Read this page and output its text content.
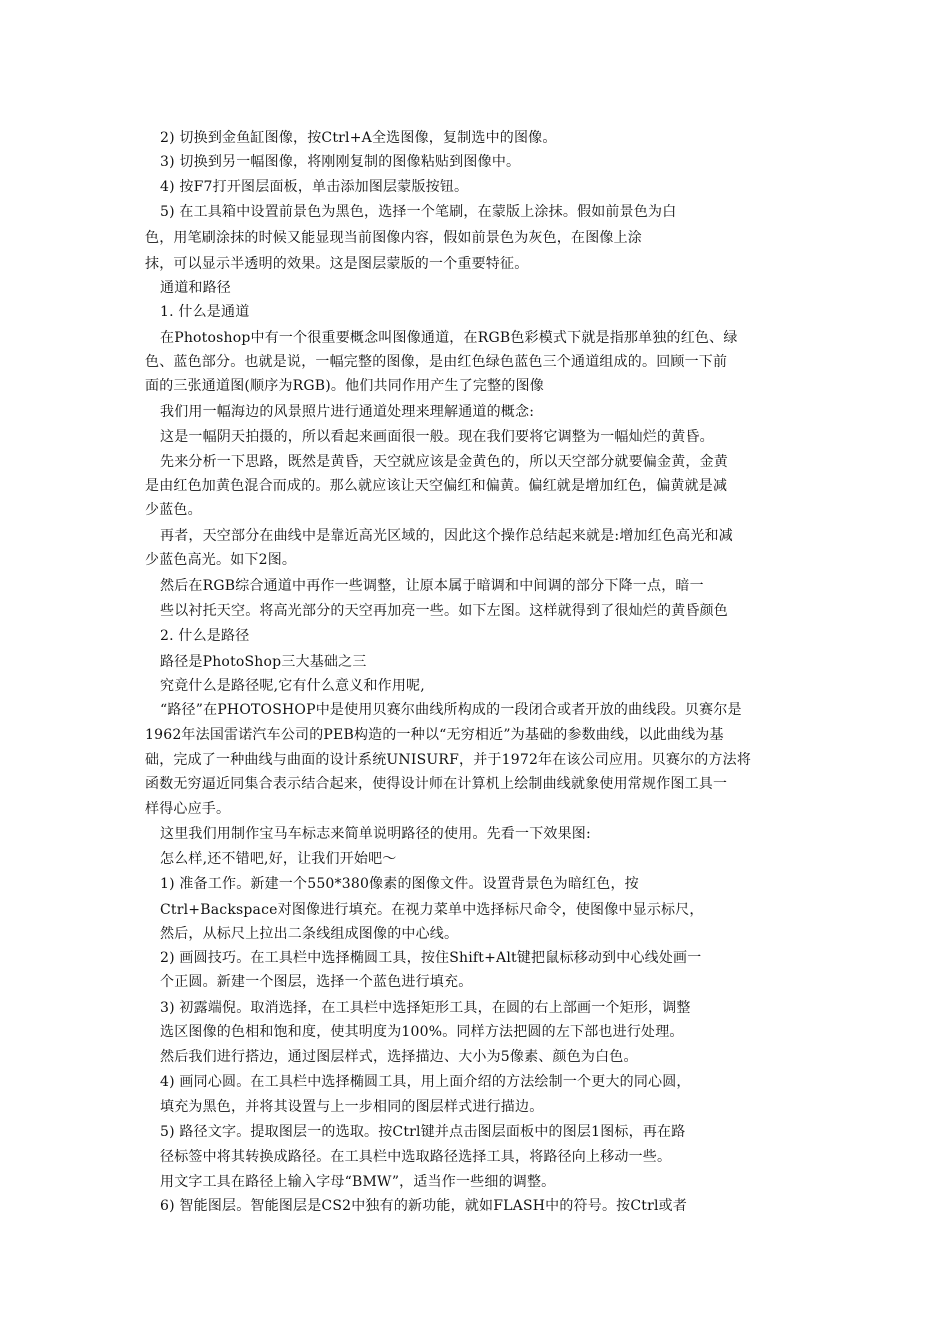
2) 切换到金鱼缸图像，按Ctrl+A全选图像，复制选中的图像。
3) 切换到另一幅图像，将刚刚复制的图像粘贴到图像中。
4) 按F7打开图层面板，单击添加图层蒙版按钮。
5) 在工具箱中设置前景色为黑色，选择一个笔刷，在蒙版上涂抹。假如前景色为白
色，用笔刷涂抹的时候又能显现当前图像内容，假如前景色为灰色，在图像上涂
抹，可以显示半透明的效果。这是图层蒙版的一个重要特征。
通道和路径
1. 什么是通道
在Photoshop中有一个很重要概念叫图像通道，在RGB色彩模式下就是指那单独的红色、绿
色、蓝色部分。也就是说，一幅完整的图像，是由红色绿色蓝色三个通道组成的。回顾一下前
面的三张通道图(顺序为RGB)。他们共同作用产生了完整的图像
我们用一幅海边的风景照片进行通道处理来理解通道的概念:
这是一幅阴天拍摄的，所以看起来画面很一般。现在我们要将它调整为一幅灿烂的黄昏。
先来分析一下思路，既然是黄昏，天空就应该是金黄色的，所以天空部分就要偏金黄，金黄
是由红色加黄色混合而成的。那么就应该让天空偏红和偏黄。偏红就是增加红色，偏黄就是减
少蓝色。
再者，天空部分在曲线中是靠近高光区域的，因此这个操作总结起来就是:增加红色高光和减
少蓝色高光。如下2图。
然后在RGB综合通道中再作一些调整，让原本属于暗调和中间调的部分下降一点，暗一
些以衬托天空。将高光部分的天空再加亮一些。如下左图。这样就得到了很灿烂的黄昏颜色
2. 什么是路径
路径是PhotoShop三大基础之三
究竟什么是路径呢,它有什么意义和作用呢,
“路径”在PHOTOSHOP中是使用贝赛尔曲线所构成的一段闭合或者开放的曲线段。贝赛尔是
1962年法国雷诺汽车公司的PEB构造的一种以“无穷相近”为基础的参数曲线，以此曲线为基
础，完成了一种曲线与曲面的设计系统UNISURF，并于1972年在该公司应用。贝赛尔的方法将
函数无穷逼近同集合表示结合起来，使得设计师在计算机上绘制曲线就象使用常规作图工具一
样得心应手。
这里我们用制作宝马车标志来简单说明路径的使用。先看一下效果图:
怎么样,还不错吧,好，让我们开始吧～
1) 准备工作。新建一个550*380像素的图像文件。设置背景色为暗红色，按
Ctrl+Backspace对图像进行填充。在视力菜单中选择标尺命令，使图像中显示标尺，
然后，从标尺上拉出二条线组成图像的中心线。
2) 画圆技巧。在工具栏中选择椭圆工具，按住Shift+Alt键把鼠标移动到中心线处画一
个正圆。新建一个图层，选择一个蓝色进行填充。
3) 初露端倪。取消选择，在工具栏中选择矩形工具，在圆的右上部画一个矩形，调整
选区图像的色相和饱和度，使其明度为100%。同样方法把圆的左下部也进行处理。
然后我们进行搭边，通过图层样式，选择描边、大小为5像素、颜色为白色。
4) 画同心圆。在工具栏中选择椭圆工具，用上面介绍的方法绘制一个更大的同心圆，
填充为黑色，并将其设置与上一步相同的图层样式进行描边。
5) 路径文字。提取图层一的选取。按Ctrl键并点击图层面板中的图层1图标，再在路
径标签中将其转换成路径。在工具栏中选取路径选择工具，将路径向上移动一些。
用文字工具在路径上输入字母“BMW”，适当作一些细的调整。
6) 智能图层。智能图层是CS2中独有的新功能，就如FLASH中的符号。按Ctrl或者
